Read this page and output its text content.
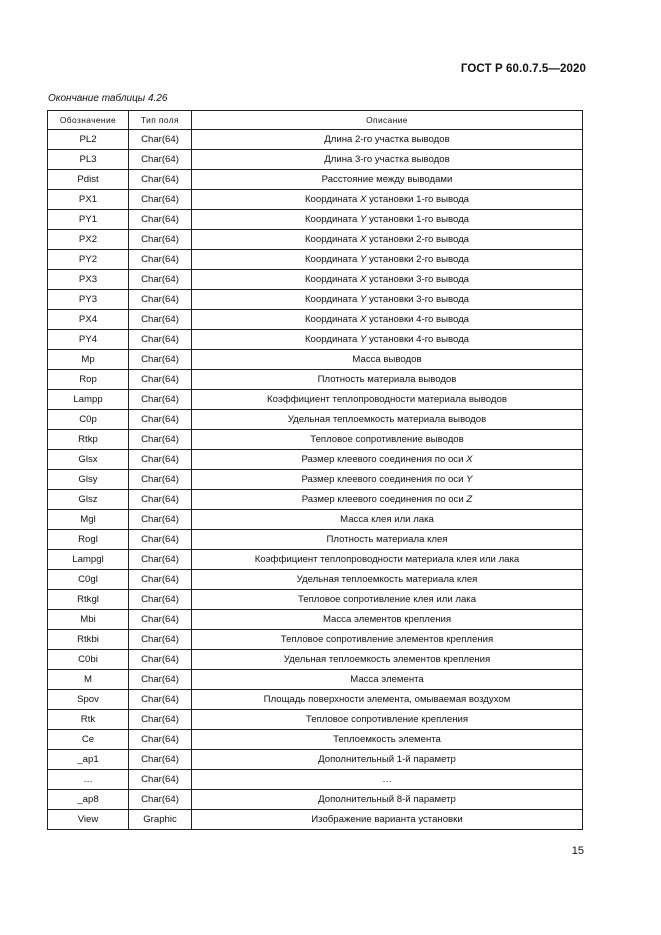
ГОСТ Р 60.0.7.5—2020
Окончание таблицы 4.26
Обозначение	Тип поля	Описание
PL2	Char(64)	Длина 2-го участка выводов
PL3	Char(64)	Длина 3-го участка выводов
Pdist	Char(64)	Расстояние между выводами
PX1	Char(64)	Координата X установки 1-го вывода
PY1	Char(64)	Координата Y установки 1-го вывода
PX2	Char(64)	Координата X установки 2-го вывода
PY2	Char(64)	Координата Y установки 2-го вывода
PX3	Char(64)	Координата X установки 3-го вывода
PY3	Char(64)	Координата Y установки 3-го вывода
PX4	Char(64)	Координата X установки 4-го вывода
PY4	Char(64)	Координата Y установки 4-го вывода
Mp	Char(64)	Масса выводов
Rop	Char(64)	Плотность материала выводов
Lampp	Char(64)	Коэффициент теплопроводности материала выводов
C0p	Char(64)	Удельная теплоемкость материала выводов
Rtkp	Char(64)	Тепловое сопротивление выводов
Glsx	Char(64)	Размер клеевого соединения по оси X
Glsy	Char(64)	Размер клеевого соединения по оси Y
Glsz	Char(64)	Размер клеевого соединения по оси Z
Mgl	Char(64)	Масса клея или лака
Rogl	Char(64)	Плотность материала клея
Lampgl	Char(64)	Коэффициент теплопроводности материала клея или лака
C0gl	Char(64)	Удельная теплоемкость материала клея
Rtkgl	Char(64)	Тепловое сопротивление клея или лака
Mbi	Char(64)	Масса элементов крепления
Rtkbi	Char(64)	Тепловое сопротивление элементов крепления
C0bi	Char(64)	Удельная теплоемкость элементов крепления
M	Char(64)	Масса элемента
Spov	Char(64)	Площадь поверхности элемента, омываемая воздухом
Rtk	Char(64)	Тепловое сопротивление крепления
Ce	Char(64)	Теплоемкость элемента
_ap1	Char(64)	Дополнительный 1-й параметр
…	Char(64)	…
_ap8	Char(64)	Дополнительный 8-й параметр
View	Graphic	Изображение варианта установки
15
